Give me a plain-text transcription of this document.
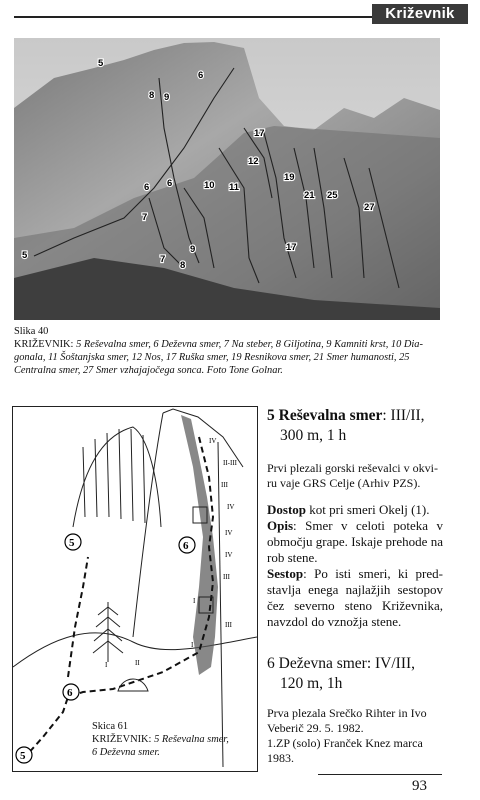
Križevnik
5
5
6
6 6
7
7
8
8
9
9
10 11
12
17
17
19
21 25
27
Slika 40
KRIŽEVNIK: 5 Reševalna smer, 6 Deževna smer, 7 Na steber, 8 Giljotina, 9 Kamniti krst, 10 Dia-
gonala, 11 Šoštanjska smer, 12 Nos, 17 Ruška smer, 19 Resnikova smer, 21 Smer humanosti, 25
Centralna smer, 27 Smer vzhajajočega sonca. Foto Tone Golnar.
5	6
5
6
IV
II-III
III
IV
IV
III
III
I
II
I
I
IV
Skica 61
KRIŽEVNIK: 5 Reševalna smer,
6 Deževna smer.
5 Reševalna smer: III/II,
300 m, 1 h
Prvi plezali gorski reševalci v okvi-
ru vaje GRS Celje (Arhiv PZS).
Dostop kot pri smeri Okelj (1).
Opis: Smer v celoti poteka v območju grape. Iskaje prehode na rob stene.
Sestop: Po isti smeri, ki pred-stavlja enega najlažjih sestopov čez severno steno Križevnika, navzdol do vznožja stene.
6 Deževna smer: IV/III,
120 m, 1h
Prva plezala Srečko Rihter in Ivo
Veberič 29. 5. 1982.
1.ZP (solo) Franček Knez marca
1983.
93
